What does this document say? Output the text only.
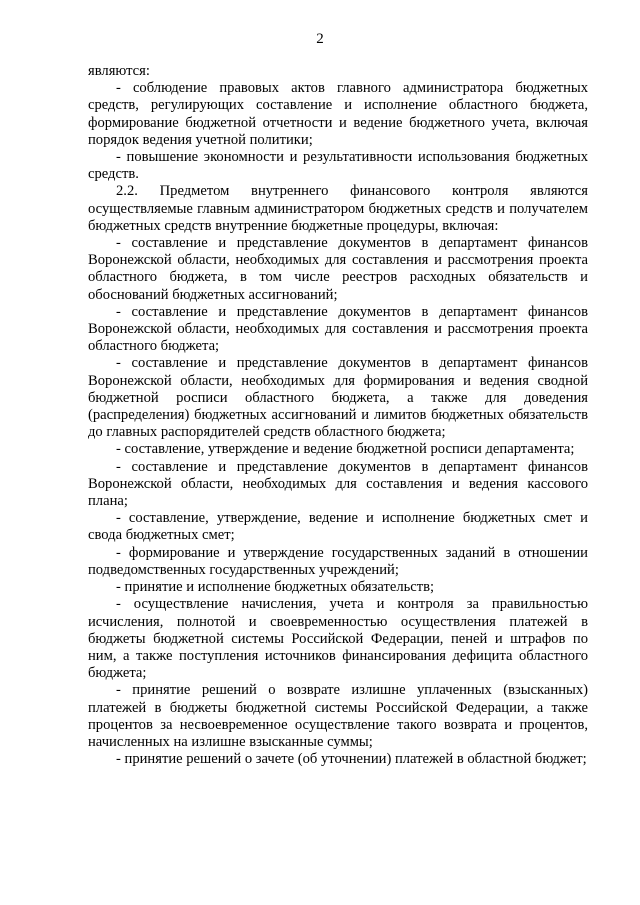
2

являются:

- соблюдение правовых актов главного администратора бюджетных средств, регулирующих составление и исполнение областного бюджета, формирование бюджетной отчетности и ведение бюджетного учета, включая порядок ведения учетной политики;

- повышение экономности и результативности использования бюджетных средств.

2.2. Предметом внутреннего финансового контроля являются осуществляемые главным администратором бюджетных средств и получателем бюджетных средств внутренние бюджетные процедуры, включая:

- составление и представление документов в департамент финансов Воронежской области, необходимых для составления и рассмотрения проекта областного бюджета, в том числе реестров расходных обязательств и обоснований бюджетных ассигнований;

- составление и представление документов в департамент финансов Воронежской области, необходимых для составления и рассмотрения проекта областного бюджета;

- составление и представление документов в департамент финансов Воронежской области, необходимых для формирования и ведения сводной бюджетной росписи областного бюджета, а также для доведения (распределения) бюджетных ассигнований и лимитов бюджетных обязательств до главных распорядителей средств областного бюджета;

- составление, утверждение и ведение бюджетной росписи департамента;

- составление и представление документов в департамент финансов Воронежской области, необходимых для составления и ведения кассового плана;

- составление, утверждение, ведение и исполнение бюджетных смет и свода бюджетных смет;

- формирование и утверждение государственных заданий в отношении подведомственных государственных учреждений;

- принятие и исполнение бюджетных обязательств;

- осуществление начисления, учета и контроля за правильностью исчисления, полнотой и своевременностью осуществления платежей в бюджеты бюджетной системы Российской Федерации, пеней и штрафов по ним, а также поступления источников финансирования дефицита областного бюджета;

- принятие решений о возврате излишне уплаченных (взысканных) платежей в бюджеты бюджетной системы Российской Федерации, а также процентов за несвоевременное осуществление такого возврата и процентов, начисленных на излишне взысканные суммы;

- принятие решений о зачете (об уточнении) платежей в областной бюджет;
